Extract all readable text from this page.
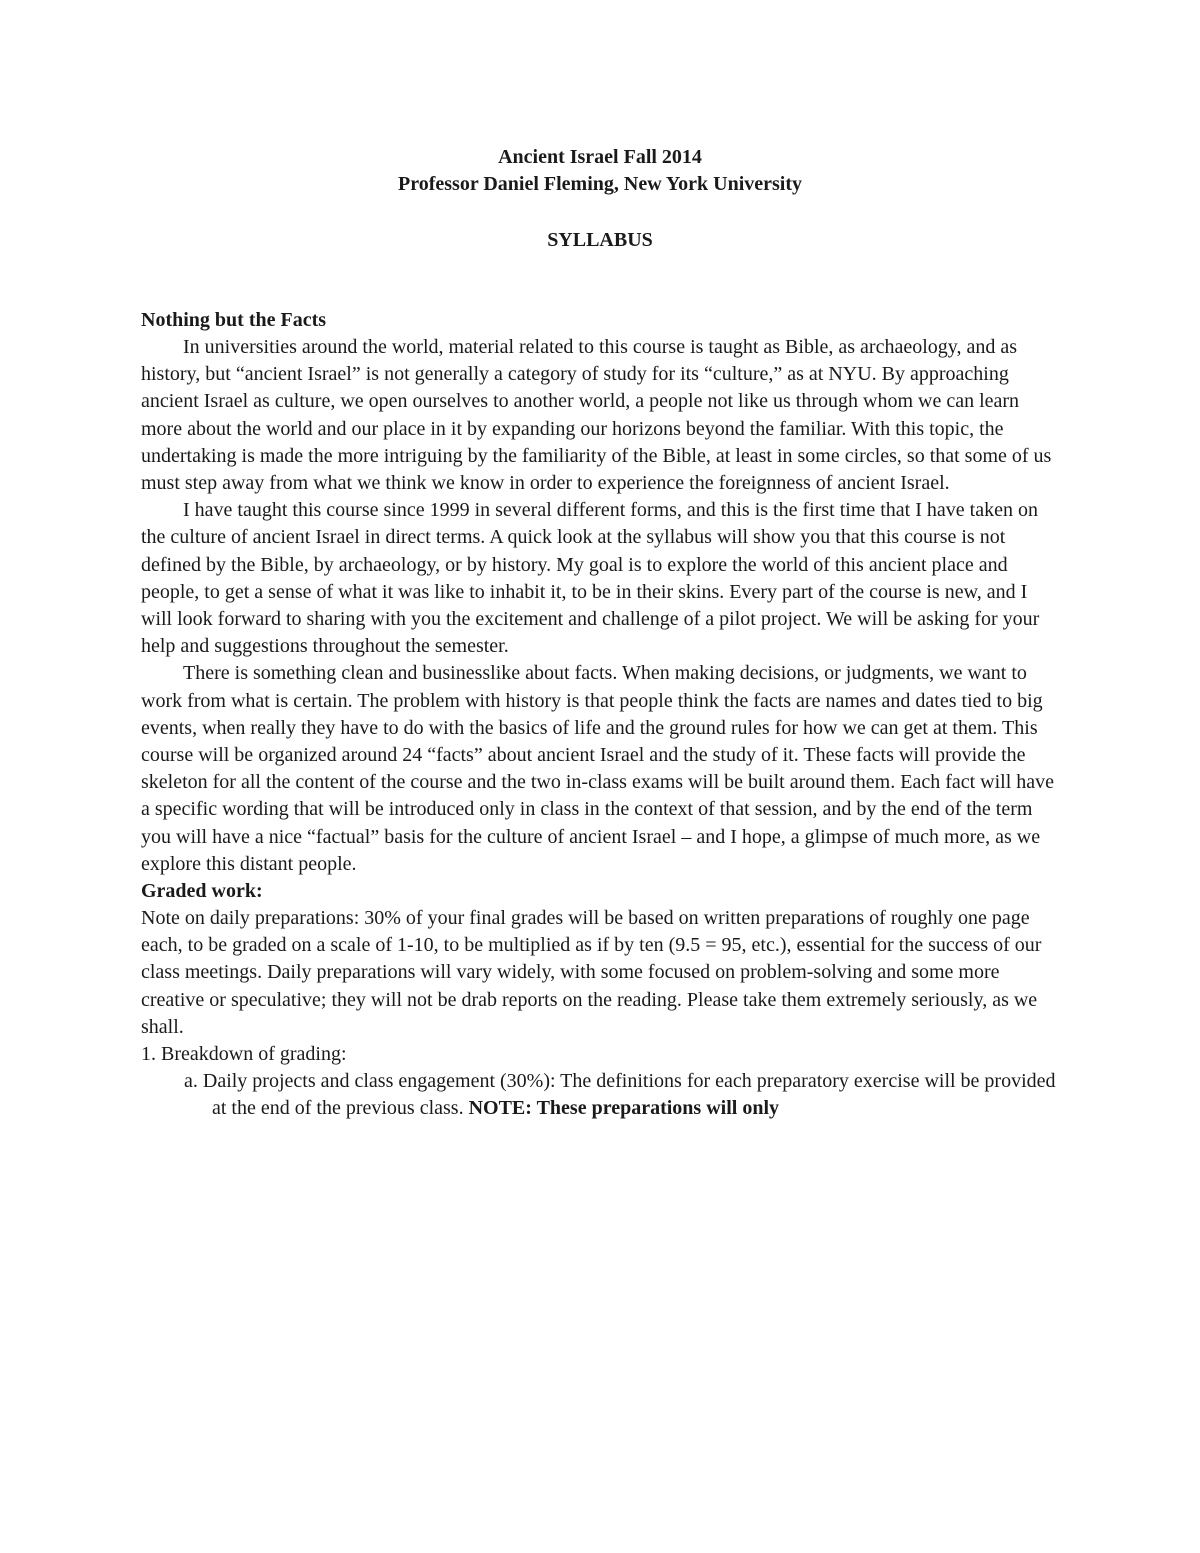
Ancient Israel Fall 2014
Professor Daniel Fleming, New York University
SYLLABUS
Nothing but the Facts

In universities around the world, material related to this course is taught as Bible, as archaeology, and as history, but “ancient Israel” is not generally a category of study for its “culture,” as at NYU. By approaching ancient Israel as culture, we open ourselves to another world, a people not like us through whom we can learn more about the world and our place in it by expanding our horizons beyond the familiar. With this topic, the undertaking is made the more intriguing by the familiarity of the Bible, at least in some circles, so that some of us must step away from what we think we know in order to experience the foreignness of ancient Israel.

I have taught this course since 1999 in several different forms, and this is the first time that I have taken on the culture of ancient Israel in direct terms. A quick look at the syllabus will show you that this course is not defined by the Bible, by archaeology, or by history. My goal is to explore the world of this ancient place and people, to get a sense of what it was like to inhabit it, to be in their skins. Every part of the course is new, and I will look forward to sharing with you the excitement and challenge of a pilot project. We will be asking for your help and suggestions throughout the semester.

There is something clean and businesslike about facts. When making decisions, or judgments, we want to work from what is certain. The problem with history is that people think the facts are names and dates tied to big events, when really they have to do with the basics of life and the ground rules for how we can get at them. This course will be organized around 24 “facts” about ancient Israel and the study of it. These facts will provide the skeleton for all the content of the course and the two in-class exams will be built around them. Each fact will have a specific wording that will be introduced only in class in the context of that session, and by the end of the term you will have a nice “factual” basis for the culture of ancient Israel – and I hope, a glimpse of much more, as we explore this distant people.

Graded work:

Note on daily preparations: 30% of your final grades will be based on written preparations of roughly one page each, to be graded on a scale of 1-10, to be multiplied as if by ten (9.5 = 95, etc.), essential for the success of our class meetings. Daily preparations will vary widely, with some focused on problem-solving and some more creative or speculative; they will not be drab reports on the reading. Please take them extremely seriously, as we shall.

1. Breakdown of grading:

a. Daily projects and class engagement (30%): The definitions for each preparatory exercise will be provided at the end of the previous class. NOTE: These preparations will only
